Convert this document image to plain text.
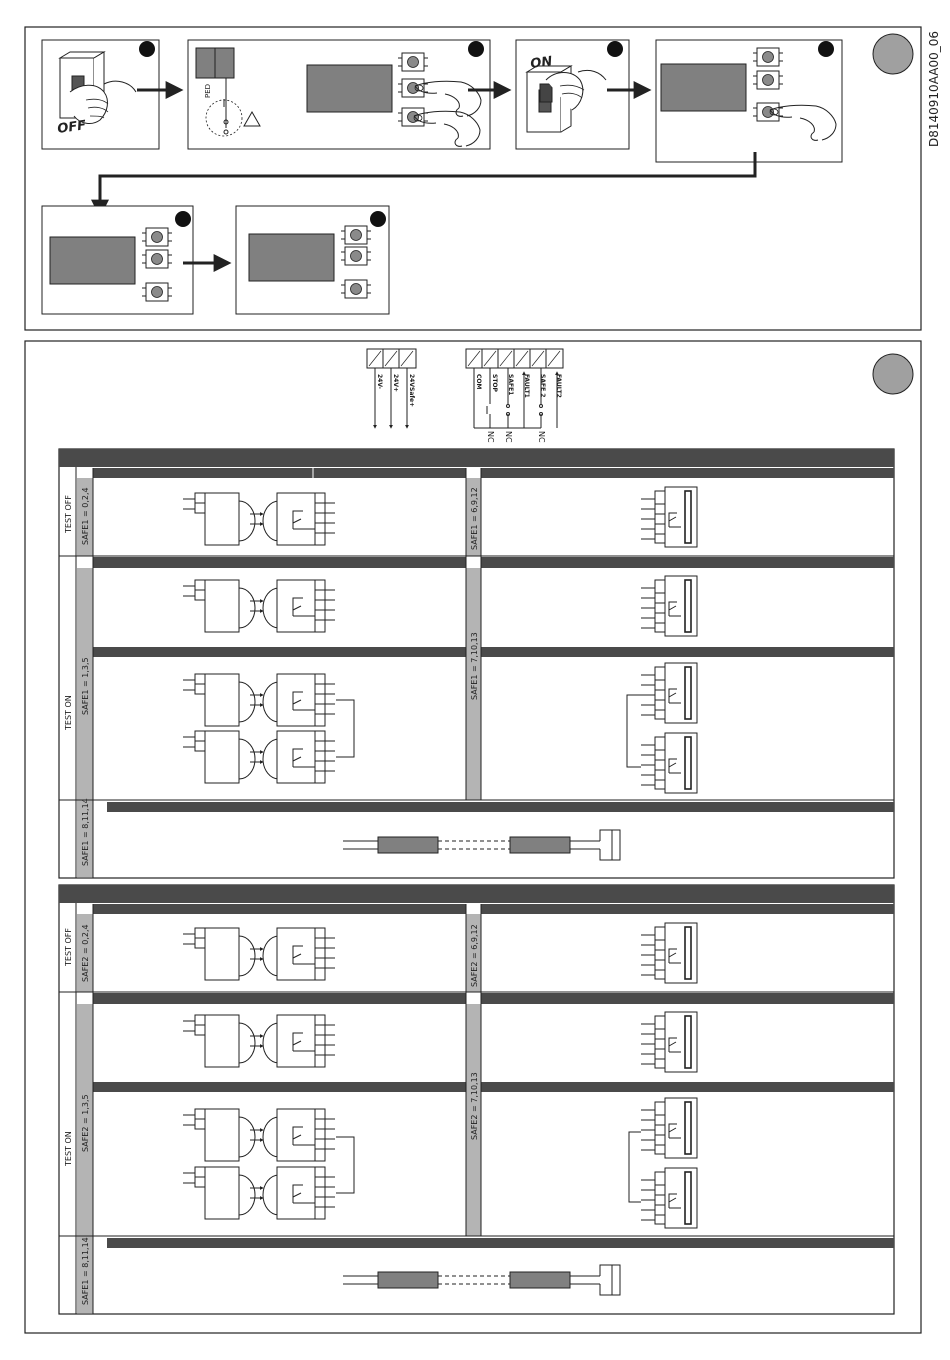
OFF
PED
ON
24V- 24V+ 24VSafe+	COM STOP SAFE1 FAULT1 SAFE 2 FAULT2
NC NC	NC
TEST OFF
TEST ON
SAFE1 = 0,2,4
SAFE1 = 1,3,5
SAFE1 = 8,11,14
SAFE1 = 6,9,12
SAFE1 = 7,10,13
TEST OFF
TEST ON
SAFE2 = 0,2,4
SAFE2 = 1,3,5
SAFE1 = 8,11,14
SAFE2 = 6,9,12
SAFE2 = 7,10,13
D8140910AA00_06
